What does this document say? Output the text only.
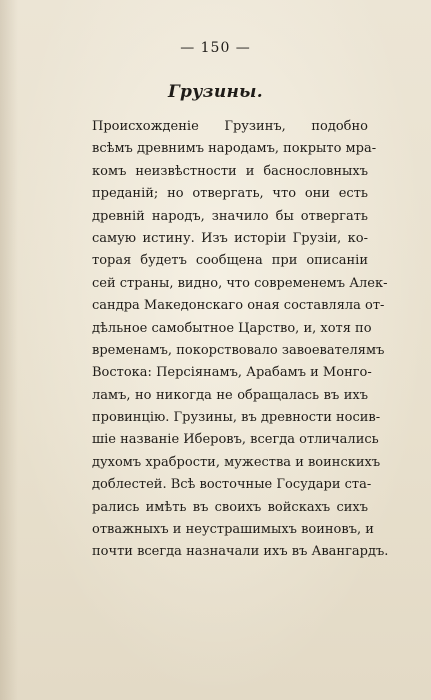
— 150 —
Грузины.
Происхожденіе Грузинъ, подобно
всѣмъ древнимъ народамъ, покрыто мра-
комъ неизвѣстности и баснословныхъ
преданій; но отвергать, что они есть
древній народъ, значило бы отвергать
самую истину. Изъ исторіи Грузіи, ко-
торая будетъ сообщена при описаніи
сей страны, видно, что современемъ Алек-
сандра Македонскаго оная составляла от-
дѣльное самобытное Царство, и, хотя по
временамъ, покорствовало завоевателямъ
Востока: Персіянамъ, Арабамъ и Монго-
ламъ, но никогда не обращалась въ ихъ
провинцію. Грузины, въ древности носив-
шіе названіе Иберовъ, всегда отличались
духомъ храбрости, мужества и воинскихъ
доблестей. Всѣ восточные Государи ста-
рались имѣть въ своихъ войскахъ сихъ
отважныхъ и неустрашимыхъ воиновъ, и
почти всегда назначали ихъ въ Авангардъ.
